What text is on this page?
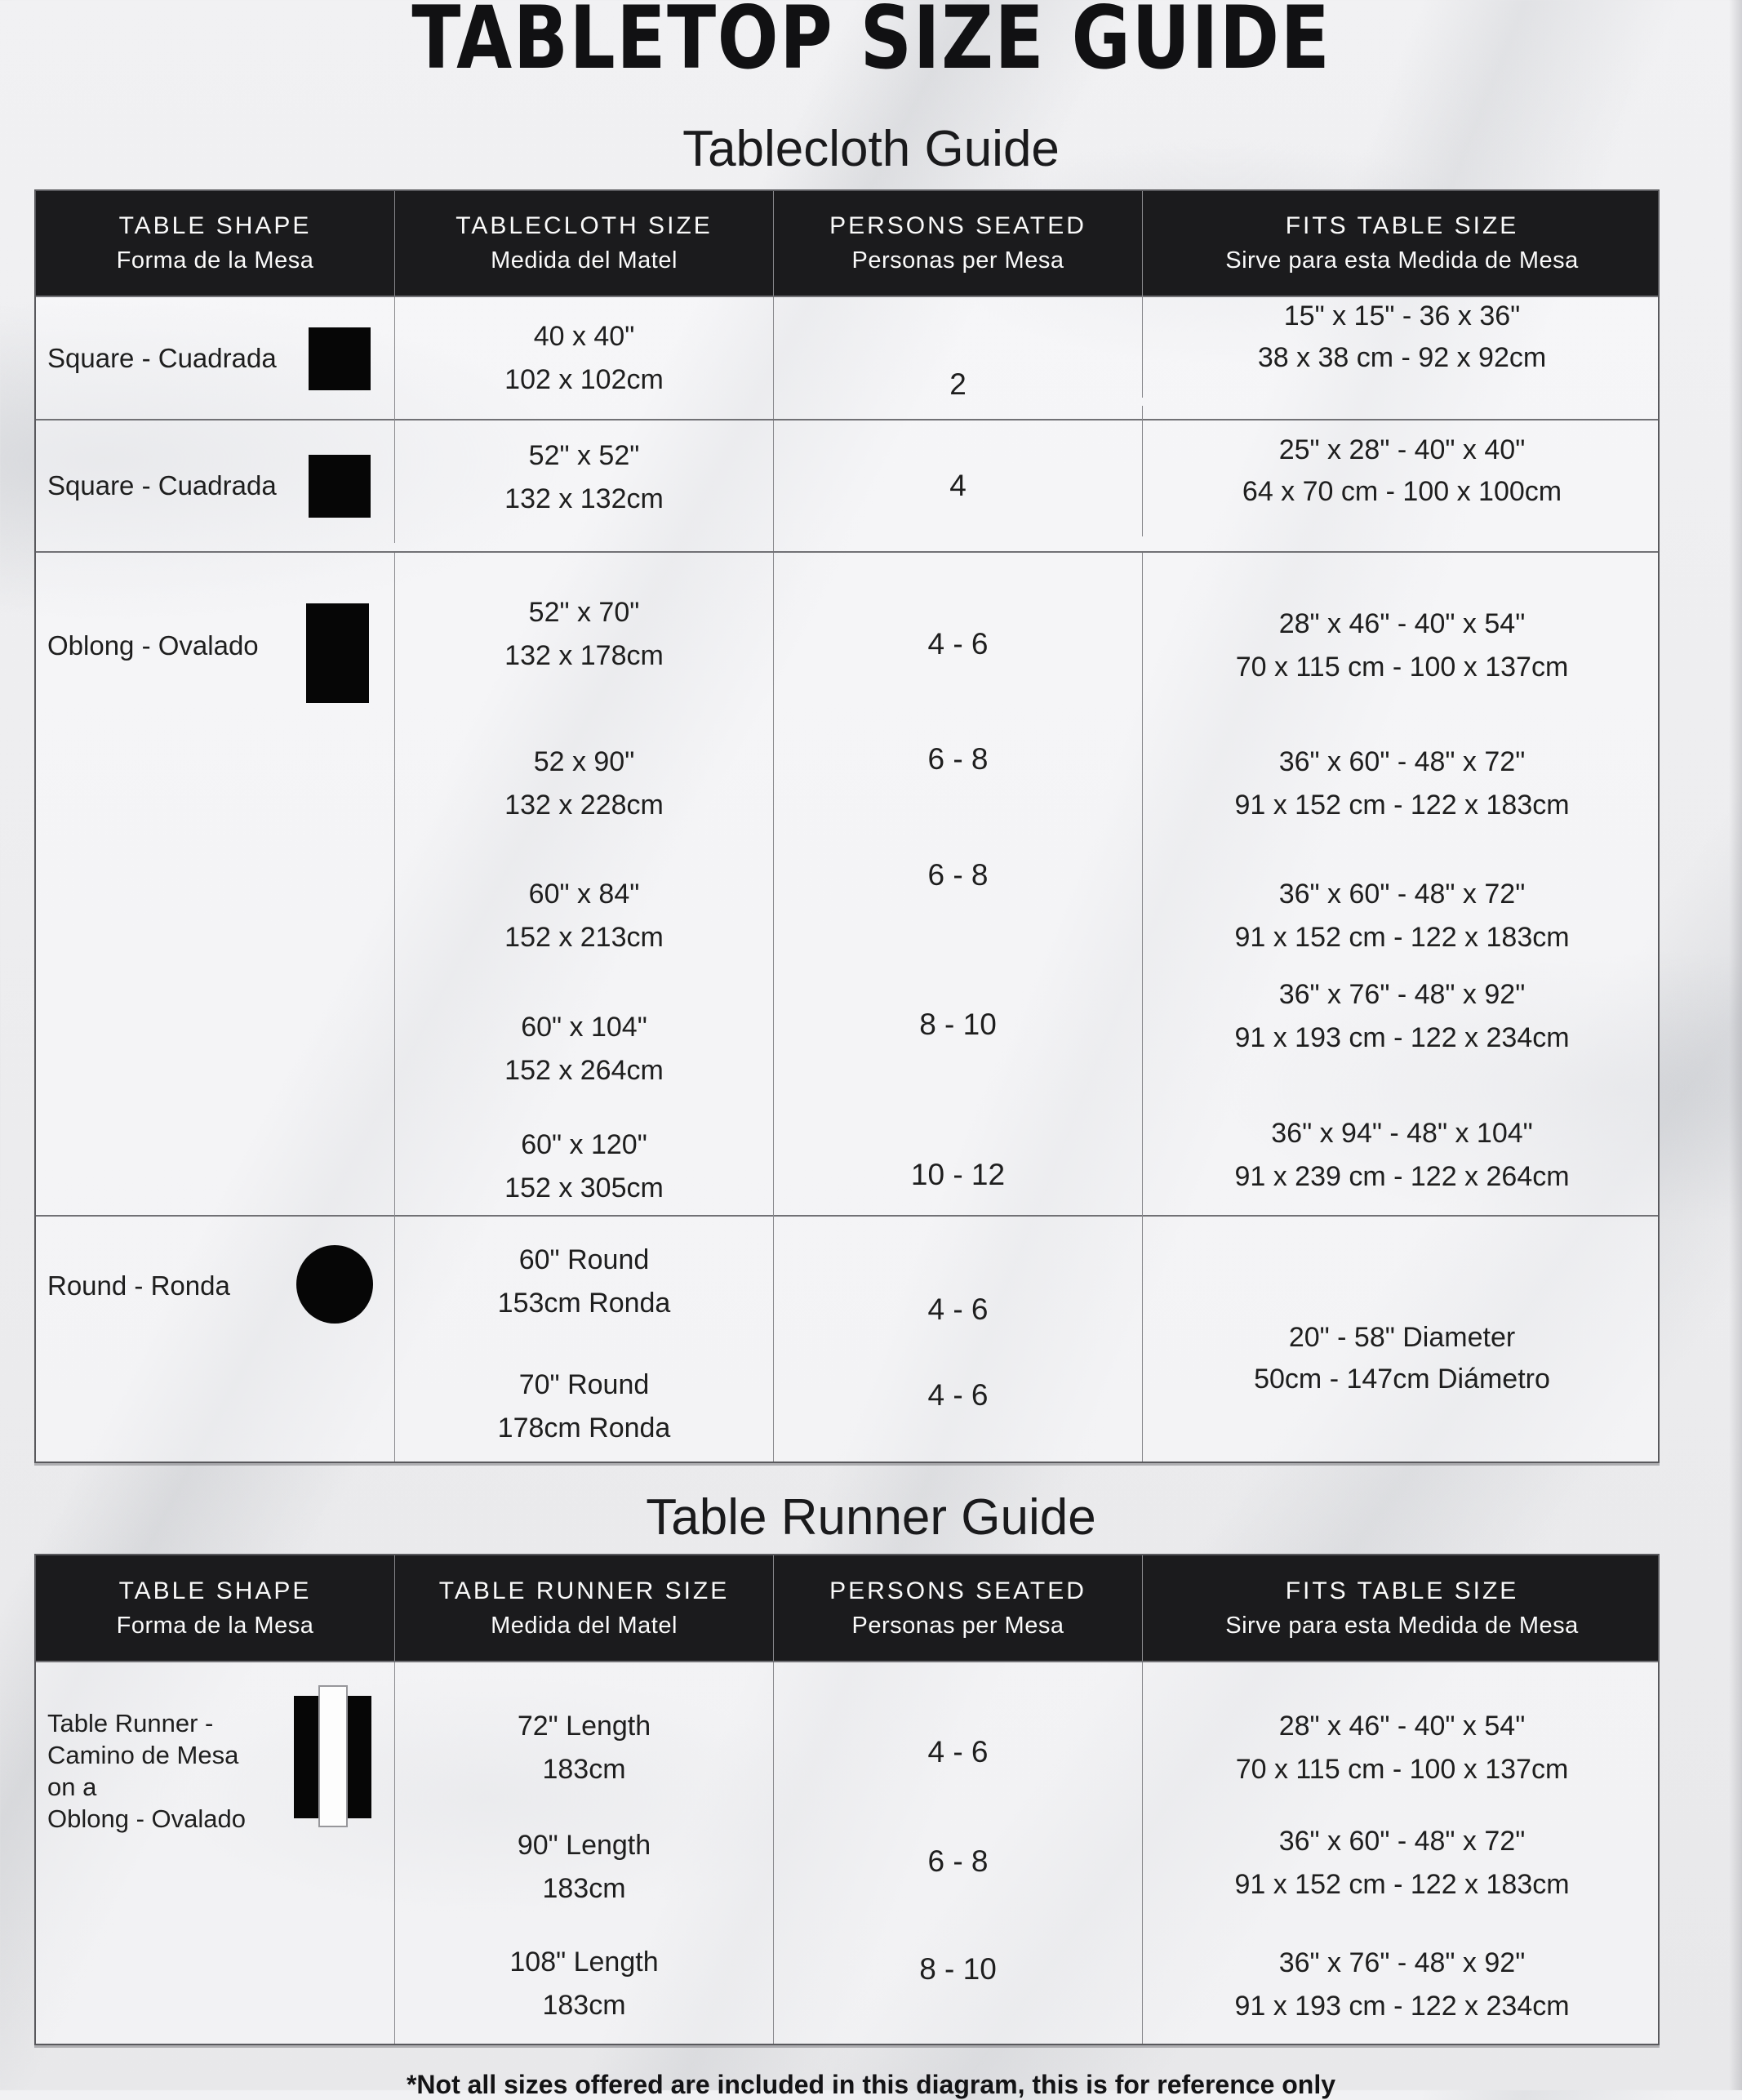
TABLETOP SIZE GUIDE
Tablecloth Guide
TABLE SHAPE
Forma de la Mesa
TABLECLOTH SIZE
Medida del Matel
PERSONS SEATED
Personas per Mesa
FITS TABLE SIZE
Sirve para esta Medida de Mesa
Square - Cuadrada
40 x 40"
102 x 102cm	2
15" x 15" - 36 x 36"
38 x 38 cm - 92 x 92cm
Square - Cuadrada
52" x 52"
132 x 132cm	4
25" x 28" - 40" x 40"
64 x 70 cm - 100 x 100cm
Oblong - Ovalado
52" x 70"
132 x 178cm
52 x 90"
132 x 228cm
60" x 84"
152 x 213cm
60" x 104"
152 x 264cm
60" x 120"
152 x 305cm
4 - 6
6 - 8
6 - 8
8 - 10
10 - 12
28" x 46" - 40" x 54"
70 x 115 cm - 100 x 137cm
36" x 60" - 48" x 72"
91 x 152 cm - 122 x 183cm
36" x 60" - 48" x 72"
91 x 152 cm - 122 x 183cm
36" x 76" - 48" x 92"
91 x 193 cm - 122 x 234cm
36" x 94" - 48" x 104"
91 x 239 cm - 122 x 264cm
Round - Ronda
60" Round
153cm Ronda
70" Round
178cm Ronda
4 - 6
4 - 6
20" - 58" Diameter
50cm - 147cm Diámetro
Table Runner Guide
TABLE SHAPE
Forma de la Mesa
TABLE RUNNER SIZE
Medida del Matel
PERSONS SEATED
Personas per Mesa
FITS TABLE SIZE
Sirve para esta Medida de Mesa
Table Runner -
Camino de Mesa
on a
Oblong - Ovalado
72" Length
183cm
90" Length
183cm
108" Length
183cm
4 - 6
6 - 8
8 - 10
28" x 46" - 40" x 54"
70 x 115 cm - 100 x 137cm
36" x 60" - 48" x 72"
91 x 152 cm - 122 x 183cm
36" x 76" - 48" x 92"
91 x 193 cm - 122 x 234cm
*Not all sizes offered are included in this diagram, this is for reference only
